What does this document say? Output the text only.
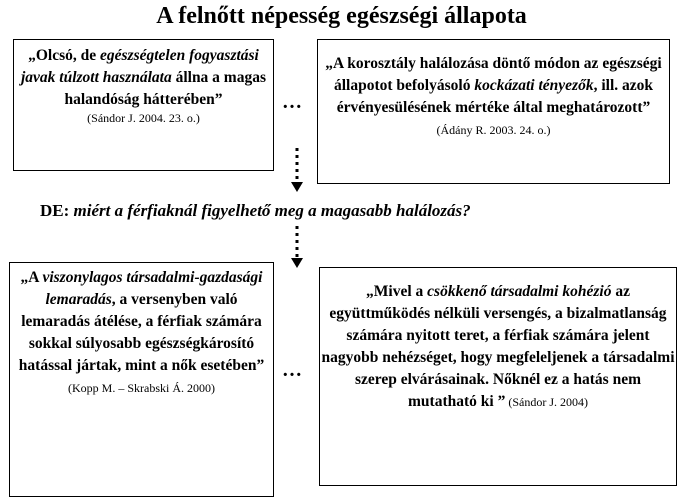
A felnőtt népesség egészségi állapota
„Olcsó, de egészségtelen fogyasztási javak túlzott használata állna a magas halandóság hátterében”
(Sándor J. 2004. 23. o.)
…
„A korosztály halálozása döntő módon az egészségi állapotot befolyásoló kockázati tényezők, ill. azok érvényesülésének mértéke által meghatározott” (Ádány R. 2003. 24. o.)
DE: miért a férfiaknál figyelhető meg a magasabb halálozás?
„A viszonylagos társadalmi-gazdasági lemaradás, a versenyben való lemaradás átélése, a férfiak számára sokkal súlyosabb egészségkárosító hatással jártak, mint a nők esetében” (Kopp M. – Skrabski Á. 2000)
…
„Mivel a csökkenő társadalmi kohézió az együttműködés nélküli versengés, a bizalmatlanság számára nyitott teret, a férfiak számára jelent nagyobb nehézséget, hogy megfeleljenek a társadalmi szerep elvárásainak. Nőknél ez a hatás nem mutatható ki ” (Sándor J. 2004)
